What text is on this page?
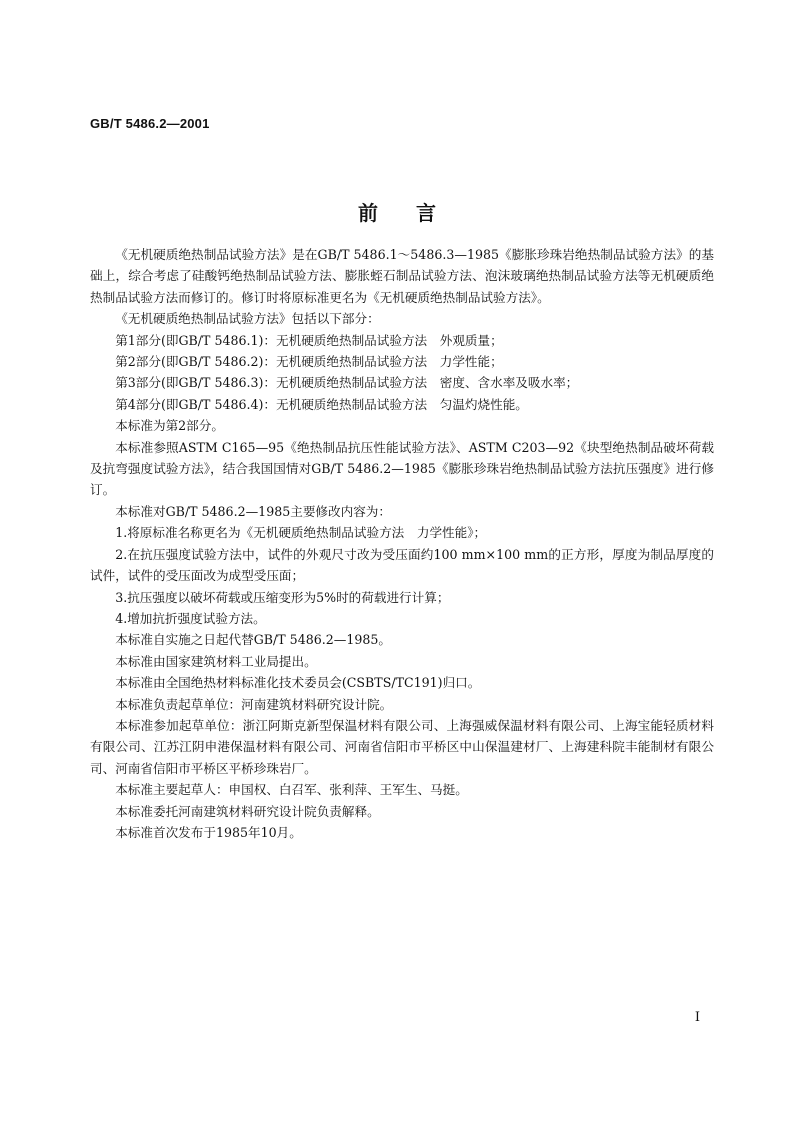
GB/T 5486.2—2001
前言

《无机硬质绝热制品试验方法》是在GB/T 5486.1～5486.3—1985《膨胀珍珠岩绝热制品试验方法》的基础上，综合考虑了硅酸钙绝热制品试验方法、膨胀蛭石制品试验方法、泡沫玻璃绝热制品试验方法等无机硬质绝热制品试验方法而修订的。修订时将原标准更名为《无机硬质绝热制品试验方法》。

《无机硬质绝热制品试验方法》包括以下部分：

第1部分(即GB/T 5486.1)：无机硬质绝热制品试验方法　外观质量；

第2部分(即GB/T 5486.2)：无机硬质绝热制品试验方法　力学性能；

第3部分(即GB/T 5486.3)：无机硬质绝热制品试验方法　密度、含水率及吸水率；

第4部分(即GB/T 5486.4)：无机硬质绝热制品试验方法　匀温灼烧性能。

本标准为第2部分。

本标准参照ASTM C165—95《绝热制品抗压性能试验方法》、ASTM C203—92《块型绝热制品破坏荷载及抗弯强度试验方法》，结合我国国情对GB/T 5486.2—1985《膨胀珍珠岩绝热制品试验方法抗压强度》进行修订。

本标准对GB/T 5486.2—1985主要修改内容为：

1.将原标准名称更名为《无机硬质绝热制品试验方法　力学性能》；

2.在抗压强度试验方法中，试件的外观尺寸改为受压面约100 mm×100 mm的正方形，厚度为制品厚度的试件，试件的受压面改为成型受压面；

3.抗压强度以破坏荷载或压缩变形为5%时的荷载进行计算；

4.增加抗折强度试验方法。

本标准自实施之日起代替GB/T 5486.2—1985。

本标准由国家建筑材料工业局提出。

本标准由全国绝热材料标准化技术委员会(CSBTS/TC191)归口。

本标准负责起草单位：河南建筑材料研究设计院。

本标准参加起草单位：浙江阿斯克新型保温材料有限公司、上海强威保温材料有限公司、上海宝能轻质材料有限公司、江苏江阴申港保温材料有限公司、河南省信阳市平桥区中山保温建材厂、上海建科院丰能制材有限公司、河南省信阳市平桥区平桥珍珠岩厂。

本标准主要起草人：申国权、白召军、张利萍、王军生、马挺。

本标准委托河南建筑材料研究设计院负责解释。

本标准首次发布于1985年10月。

I
